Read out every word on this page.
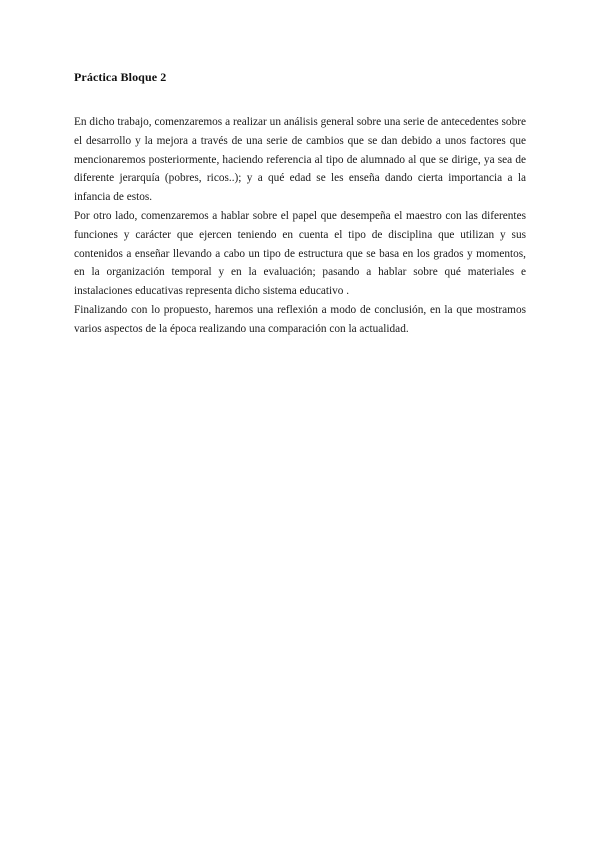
Práctica Bloque 2

En dicho trabajo, comenzaremos a realizar un análisis general sobre una serie de antecedentes sobre el desarrollo y la mejora a través de una serie de cambios que se dan debido a unos factores que mencionaremos posteriormente, haciendo referencia al tipo de alumnado al que se dirige, ya sea de diferente jerarquía (pobres, ricos..); y a qué edad se les enseña dando cierta importancia a la infancia de estos.

Por otro lado, comenzaremos a hablar sobre el papel que desempeña el maestro con las diferentes funciones y carácter que ejercen teniendo en cuenta el tipo de disciplina que utilizan y sus contenidos a enseñar llevando a cabo un tipo de estructura que se basa en los grados y momentos, en la organización temporal y en la evaluación; pasando a hablar sobre qué materiales e instalaciones educativas representa dicho sistema educativo .

Finalizando con lo propuesto, haremos una reflexión a modo de conclusión, en la que mostramos varios aspectos de la época realizando una comparación con la actualidad.
